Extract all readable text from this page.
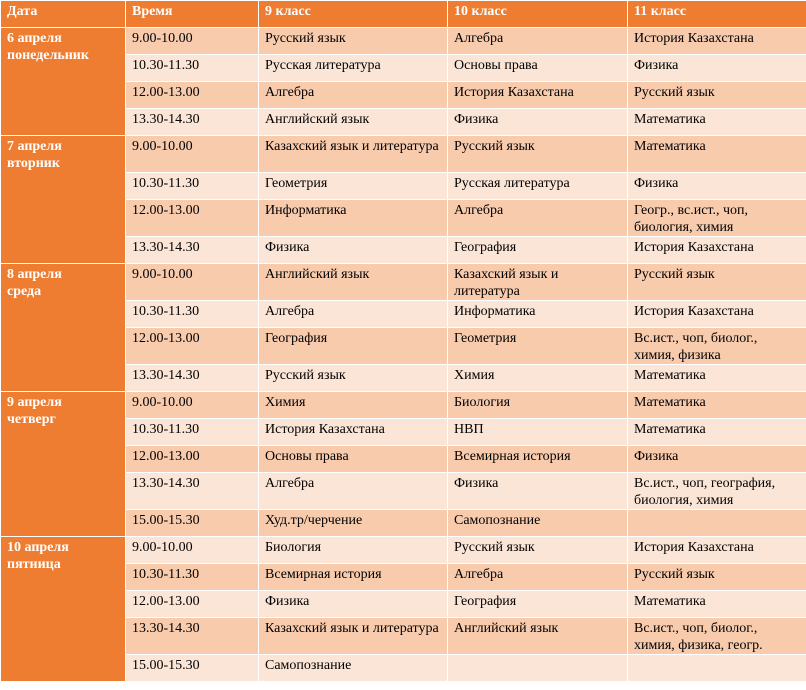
Дата	Время	9 класс	10 класс	11 класс

6 апреля
понедельник	9.00-10.00	Русский язык	Алгебра	История Казахстана
	10.30-11.30	Русская литература	Основы права	Физика
	12.00-13.00	Алгебра	История Казахстана	Русский язык
	13.30-14.30	Английский язык	Физика	Математика

7 апреля
вторник	9.00-10.00	Казахский язык и литература	Русский язык	Математика
	10.30-11.30	Геометрия	Русская литература	Физика
	12.00-13.00	Информатика	Алгебра	Геогр., вс.ист., чоп, биология, химия
	13.30-14.30	Физика	География	История Казахстана

8 апреля
среда	9.00-10.00	Английский язык	Казахский язык и литература	Русский язык
	10.30-11.30	Алгебра	Информатика	История Казахстана
	12.00-13.00	География	Геометрия	Вс.ист., чоп, биолог., химия, физика
	13.30-14.30	Русский язык	Химия	Математика

9 апреля
четверг	9.00-10.00	Химия	Биология	Математика
	10.30-11.30	История Казахстана	НВП	Математика
	12.00-13.00	Основы права	Всемирная история	Физика
	13.30-14.30	Алгебра	Физика	Вс.ист., чоп, география, биология, химия
	15.00-15.30	Худ.тр/черчение	Самопознание	

10 апреля
пятница	9.00-10.00	Биология	Русский язык	История Казахстана
	10.30-11.30	Всемирная история	Алгебра	Русский язык
	12.00-13.00	Физика	География	Математика
	13.30-14.30	Казахский язык и литература	Английский язык	Вс.ист., чоп, биолог., химия, физика, геогр.
	15.00-15.30	Самопознание		
